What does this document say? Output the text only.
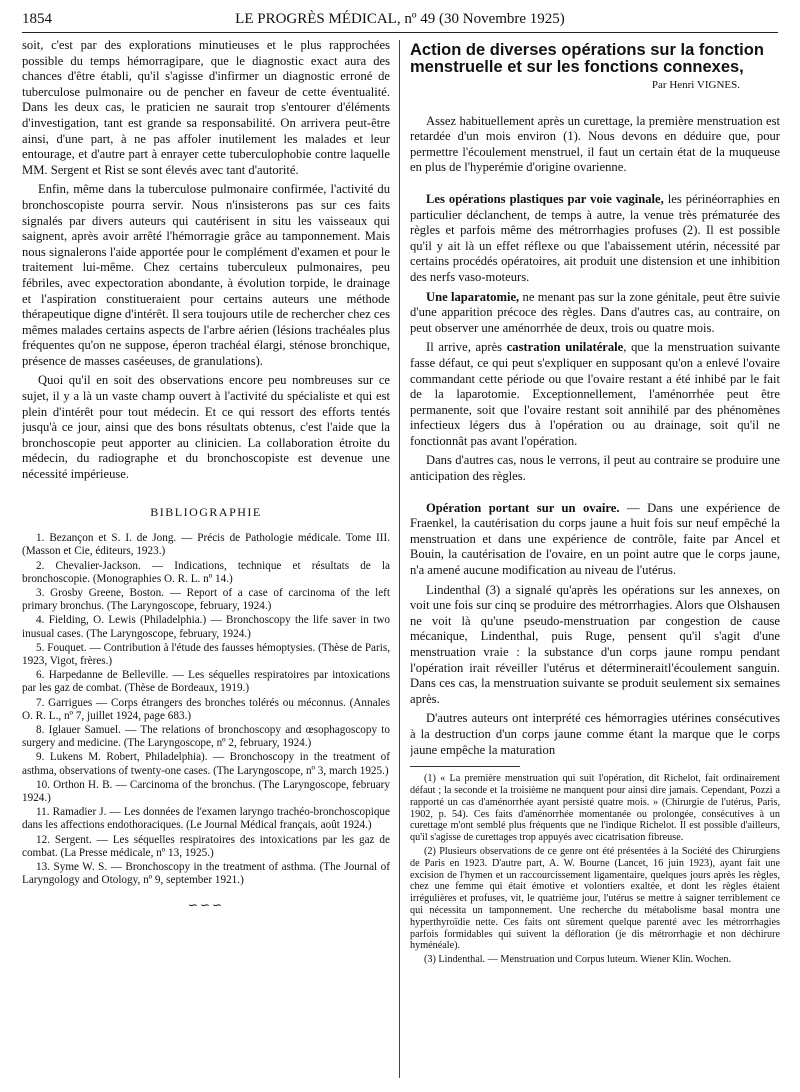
1854	LE PROGRÈS MÉDICAL, nº 49 (30 Novembre 1925)

soit, c'est par des explorations minutieuses et le plus rapprochées possible du temps hémorragipare, que le diagnostic exact aura des chances d'être établi, qu'il s'agisse d'infirmer un diagnostic erroné de tuberculose pulmonaire ou de pencher en faveur de cette éventualité. Dans les deux cas, le praticien ne saurait trop s'entourer d'éléments d'investigation, tant est grande sa responsabilité. On arrivera peut-être ainsi, d'une part, à ne pas affoler inutilement les malades et leur entourage, et d'autre part à enrayer cette tuberculophobie contre laquelle MM. Sergent et Rist se sont élevés avec tant d'autorité.

Enfin, même dans la tuberculose pulmonaire confirmée, l'activité du bronchoscopiste pourra servir. Nous n'insisterons pas sur ces faits signalés par divers auteurs qui cautérisent in situ les vaisseaux qui saignent, après avoir arrêté l'hémorragie grâce au tamponnement. Mais nous signalerons l'aide apportée pour le complément d'examen et pour le traitement lui-même. Chez certains tuberculeux pulmonaires, peu fébriles, avec expectoration abondante, à évolution torpide, le drainage et l'aspiration constitueraient pour certains auteurs une méthode thérapeutique digne d'intérêt. Il sera toujours utile de rechercher chez ces mêmes malades certains aspects de l'arbre aérien (lésions trachéales plus fréquentes qu'on ne suppose, éperon trachéal élargi, sténose bronchique, présence de masses caséeuses, de granulations).

Quoi qu'il en soit des observations encore peu nombreuses sur ce sujet, il y a là un vaste champ ouvert à l'activité du spécialiste et qui est plein d'intérêt pour tout médecin. Et ce qui ressort des efforts tentés jusqu'à ce jour, ainsi que des bons résultats obtenus, c'est l'aide que la bronchoscopie peut apporter au clinicien. La collaboration étroite du médecin, du radiographe et du bronchoscopiste est devenue une nécessité impérieuse.

BIBLIOGRAPHIE
1. Bezançon et S. I. de Jong. — Précis de Pathologie médicale. Tome III. (Masson et Cie, éditeurs, 1923.)
2. Chevalier-Jackson. — Indications, technique et résultats de la bronchoscopie. (Monographies O. R. L. nº 14.)
3. Grosby Greene, Boston. — Report of a case of carcinoma of the left primary bronchus. (The Laryngoscope, february, 1924.)
4. Fielding, O. Lewis (Philadelphia.) — Bronchoscopy the life saver in two inusual cases. (The Laryngoscope, february, 1924.)
5. Fouquet. — Contribution à l'étude des fausses hémoptysies. (Thèse de Paris, 1923, Vigot, frères.)
6. Harpedanne de Belleville. — Les séquelles respiratoires par intoxications par les gaz de combat. (Thèse de Bordeaux, 1919.)
7. Garrigues — Corps étrangers des bronches tolérés ou méconnus. (Annales O. R. L., nº 7, juillet 1924, page 683.)
8. Iglauer Samuel. — The relations of bronchoscopy and œsophagoscopy to surgery and medicine. (The Laryngoscope, nº 2, february, 1924.)
9. Lukens M. Robert, Philadelphia). — Bronchoscopy in the treatment of asthma, observations of twenty-one cases. (The Laryngoscope, nº 3, march 1925.)
10. Orthon H. B. — Carcinoma of the bronchus. (The Laryngoscope, february 1924.)
11. Ramadier J. — Les données de l'examen laryngo trachéo-bronchoscopique dans les affections endothoraciques. (Le Journal Médical français, août 1924.)
12. Sergent. — Les séquelles respiratoires des intoxications par les gaz de combat. (La Presse médicale, nº 13, 1925.)
13. Syme W. S. — Bronchoscopy in the treatment of asthma. (The Journal of Laryngology and Otology, nº 9, september 1921.)
∽∽∽
Action de diverses opérations sur la fonction menstruelle et sur les fonctions connexes,
Par Henri VIGNES.

Assez habituellement après un curettage, la première menstruation est retardée d'un mois environ (1). Nous devons en déduire que, pour permettre l'écoulement menstruel, il faut un certain état de la muqueuse en plus de l'hyperémie d'origine ovarienne.

Les opérations plastiques par voie vaginale, les périnéorraphies en particulier déclanchent, de temps à autre, la venue très prématurée des règles et parfois même des métrorrhagies profuses (2). Il est possible qu'il y ait là un effet réflexe ou que l'abaissement utérin, nécessité par certains procédés opératoires, ait produit une distension et une inhibition des nerfs vaso-moteurs.

Une laparatomie, ne menant pas sur la zone génitale, peut être suivie d'une apparition précoce des règles. Dans d'autres cas, au contraire, on peut observer une aménorrhée de deux, trois ou quatre mois.

Il arrive, après castration unilatérale, que la menstruation suivante fasse défaut, ce qui peut s'expliquer en supposant qu'on a enlevé l'ovaire commandant cette période ou que l'ovaire restant a été inhibé par le fait de la laparotomie. Exceptionnellement, l'aménorrhée peut être permanente, soit que l'ovaire restant soit annihilé par des phénomènes infectieux légers dus à l'opération ou au drainage, soit qu'il ne fonctionnât pas avant l'opération.

Dans d'autres cas, nous le verrons, il peut au contraire se produire une anticipation des règles.

Opération portant sur un ovaire. — Dans une expérience de Fraenkel, la cautérisation du corps jaune a huit fois sur neuf empêché la menstruation et dans une expérience de contrôle, faite par Ancel et Bouin, la cautérisation de l'ovaire, en un point autre que le corps jaune, n'a amené aucune modification au niveau de l'utérus.

Lindenthal (3) a signalé qu'après les opérations sur les annexes, on voit une fois sur cinq se produire des métrorrhagies. Alors que Olshausen ne voit là qu'une pseudo-menstruation par congestion de cause mécanique, Lindenthal, puis Ruge, pensent qu'il s'agit d'une menstruation vraie : la substance d'un corps jaune rompu pendant l'opération irait réveiller l'utérus et détermineraitl'écoulement sanguin. Dans ces cas, la menstruation suivante se produit seulement six semaines après.

D'autres auteurs ont interprété ces hémorragies utérines consécutives à la destruction d'un corps jaune comme étant la marque que le corps jaune empêche la maturation

(1) « La première menstruation qui suit l'opération, dit Richelot, fait ordinairement défaut ; la seconde et la troisième ne manquent pour ainsi dire jamais. Cependant, Pozzi a rapporté un cas d'aménorrhée ayant persisté quatre mois. » (Chirurgie de l'utérus, Paris, 1902, p. 54). Ces faits d'aménorrhée momentanée ou prolongée, consécutives à un curettage m'ont semblé plus fréquents que ne l'indique Richelot. Il est possible d'ailleurs, qu'il s'agisse de curettages trop appuyés avec cicatrisation fibreuse.

(2) Plusieurs observations de ce genre ont été présentées à la Société des Chirurgiens de Paris en 1923. D'autre part, A. W. Bourne (Lancet, 16 juin 1923), ayant fait une excision de l'hymen et un raccourcissement ligamentaire, quelques jours après les règles, chez une femme qui était émotive et volontiers exaltée, et dont les règles étaient irrégulières et profuses, vit, le quatrième jour, l'utérus se mettre à saigner terriblement ce qui nécessita un tamponnement. Une recherche du métabolisme basal montra une hyperthyroïdie nette. Ces faits ont sûrement quelque parenté avec les métrorrhagies parfois formidables qui suivent la défloration (je dis métrorrhagie et non déchirure hyménéale).

(3) Lindenthal. — Menstruation und Corpus luteum. Wiener Klin. Wochen.
